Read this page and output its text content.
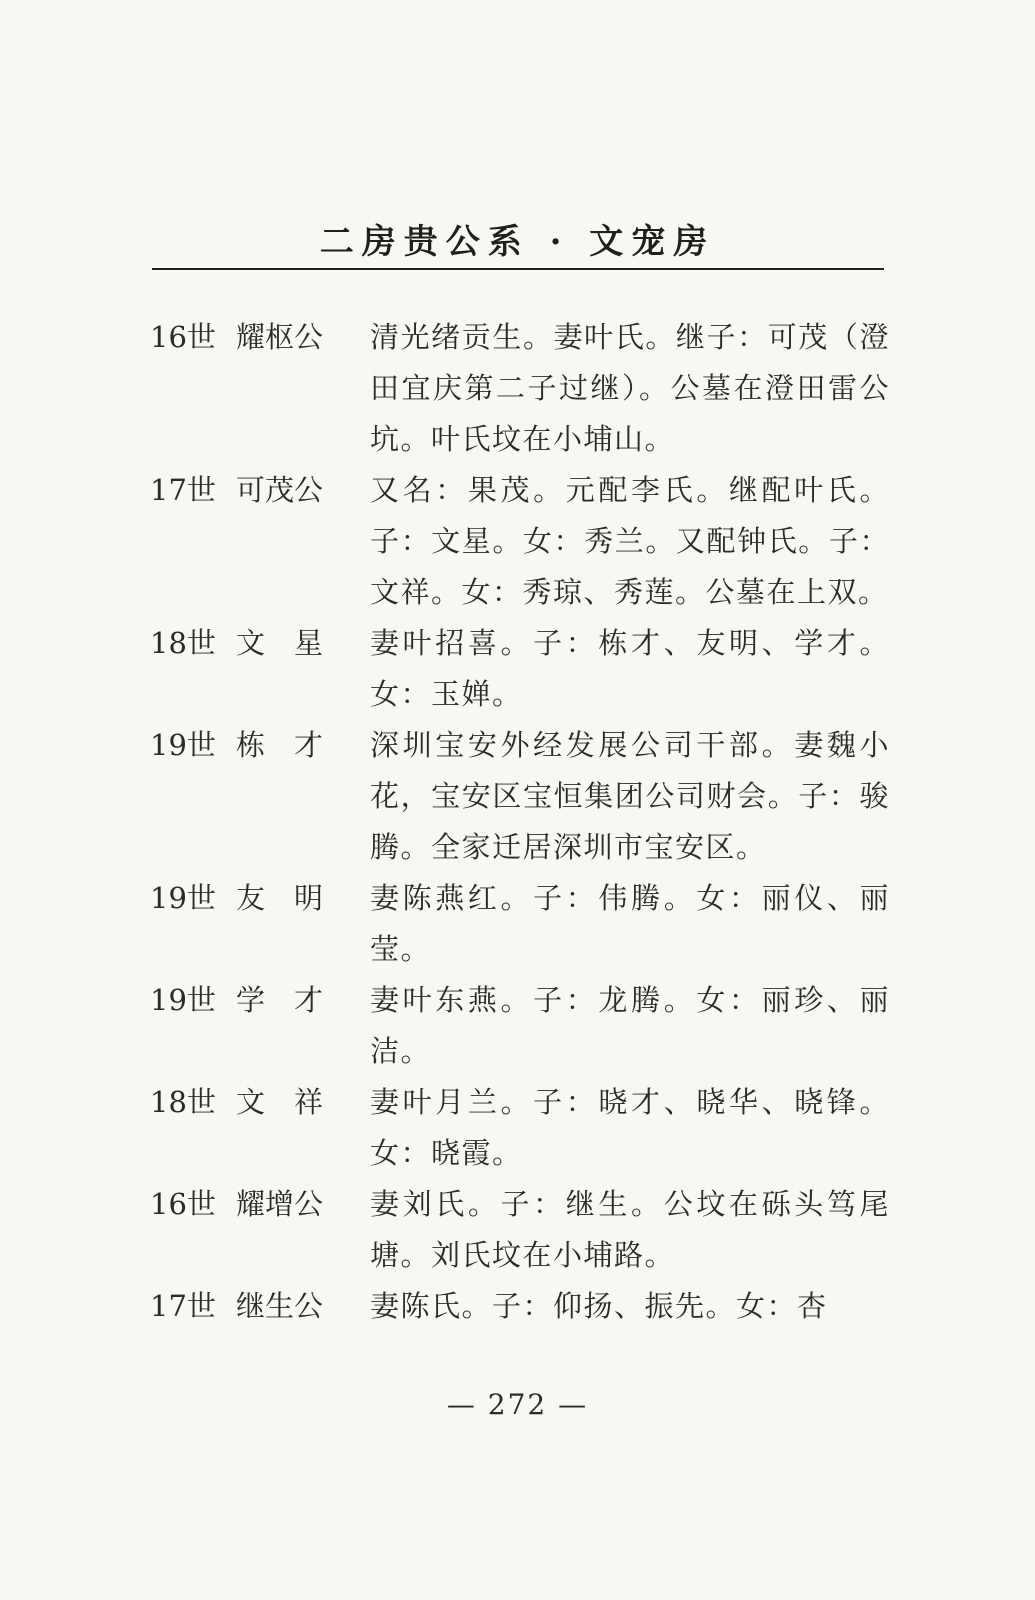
二房贵公系 · 文宠房
16世 耀枢公	清光绪贡生。妻叶氏。继子：可茂（澄田宜庆第二子过继）。公墓在澄田雷公坑。叶氏坟在小埔山。
17世 可茂公	又名：果茂。元配李氏。继配叶氏。子：文星。女：秀兰。又配钟氏。子：文祥。女：秀琼、秀莲。公墓在上双。
18世 文　星	妻叶招喜。子：栋才、友明、学才。女：玉婵。
19世 栋　才	深圳宝安外经发展公司干部。妻魏小花，宝安区宝恒集团公司财会。子：骏腾。全家迁居深圳市宝安区。
19世 友　明	妻陈燕红。子：伟腾。女：丽仪、丽莹。
19世 学　才	妻叶东燕。子：龙腾。女：丽珍、丽洁。
18世 文　祥	妻叶月兰。子：晓才、晓华、晓锋。女：晓霞。
16世 耀增公	妻刘氏。子：继生。公坟在砾头笃尾塘。刘氏坟在小埔路。
17世 继生公	妻陈氏。子：仰扬、振先。女：杏
— 272 —
